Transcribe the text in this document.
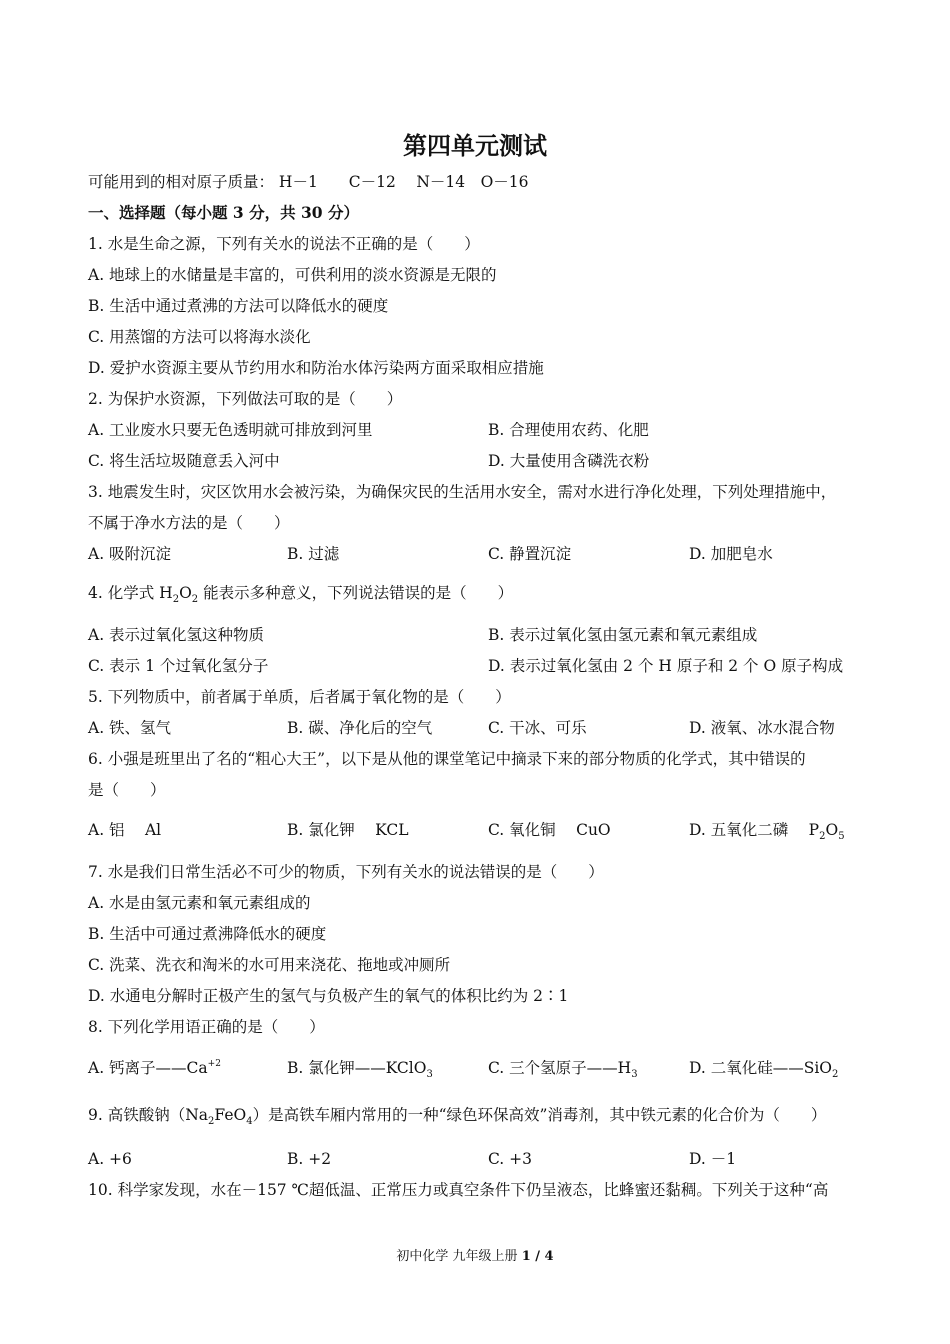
第四单元测试
可能用到的相对原子质量： H－1　　C－12　 N－14　O－16
一、选择题（每小题 3 分，共 30 分）
1. 水是生命之源，下列有关水的说法不正确的是（　　）
A. 地球上的水储量是丰富的，可供利用的淡水资源是无限的
B. 生活中通过煮沸的方法可以降低水的硬度
C. 用蒸馏的方法可以将海水淡化
D. 爱护水资源主要从节约用水和防治水体污染两方面采取相应措施
2. 为保护水资源，下列做法可取的是（　　）
A. 工业废水只要无色透明就可排放到河里	B. 合理使用农药、化肥
C. 将生活垃圾随意丢入河中	D. 大量使用含磷洗衣粉
3. 地震发生时，灾区饮用水会被污染，为确保灾民的生活用水安全，需对水进行净化处理，下列处理措施中，
不属于净水方法的是（　　）
A. 吸附沉淀	B. 过滤	C. 静置沉淀	D. 加肥皂水
4. 化学式 $H_2O_2$ 能表示多种意义，下列说法错误的是（　　）
A. 表示过氧化氢这种物质	B. 表示过氧化氢由氢元素和氧元素组成
C. 表示 1 个过氧化氢分子	D. 表示过氧化氢由 2 个 H 原子和 2 个 O 原子构成
5. 下列物质中，前者属于单质，后者属于氧化物的是（　　）
A. 铁、氢气	B. 碳、净化后的空气	C. 干冰、可乐	D. 液氧、冰水混合物
6. 小强是班里出了名的“粗心大王”，以下是从他的课堂笔记中摘录下来的部分物质的化学式，其中错误的
是（　　）
A. 铝　 Al	B. 氯化钾　 KCL	C. 氧化铜　 CuO	D. 五氧化二磷　 $P_2O_5$
7. 水是我们日常生活必不可少的物质，下列有关水的说法错误的是（　　）
A. 水是由氢元素和氧元素组成的
B. 生活中可通过煮沸降低水的硬度
C. 洗菜、洗衣和淘米的水可用来浇花、拖地或冲厕所
D. 水通电分解时正极产生的氢气与负极产生的氧气的体积比约为 2∶1
8. 下列化学用语正确的是（　　）
A. 钙离子$——Ca^{+2}$	B. 氯化钾——KClO$_3$	C. 三个氢原子$——H_3$	D. 二氧化硅——SiO$_2$
9. 高铁酸钠$(Na_2FeO_4)$是高铁车厢内常用的一种“绿色环保高效”消毒剂，其中铁元素的化合价为（　　）
A. +6	B. +2	C. +3	D. －1
10. 科学家发现，水在－157 ℃超低温、正常压力或真空条件下仍呈液态，比蜂蜜还黏稠。下列关于这种“高
初中化学 九年级上册 1 / 4
